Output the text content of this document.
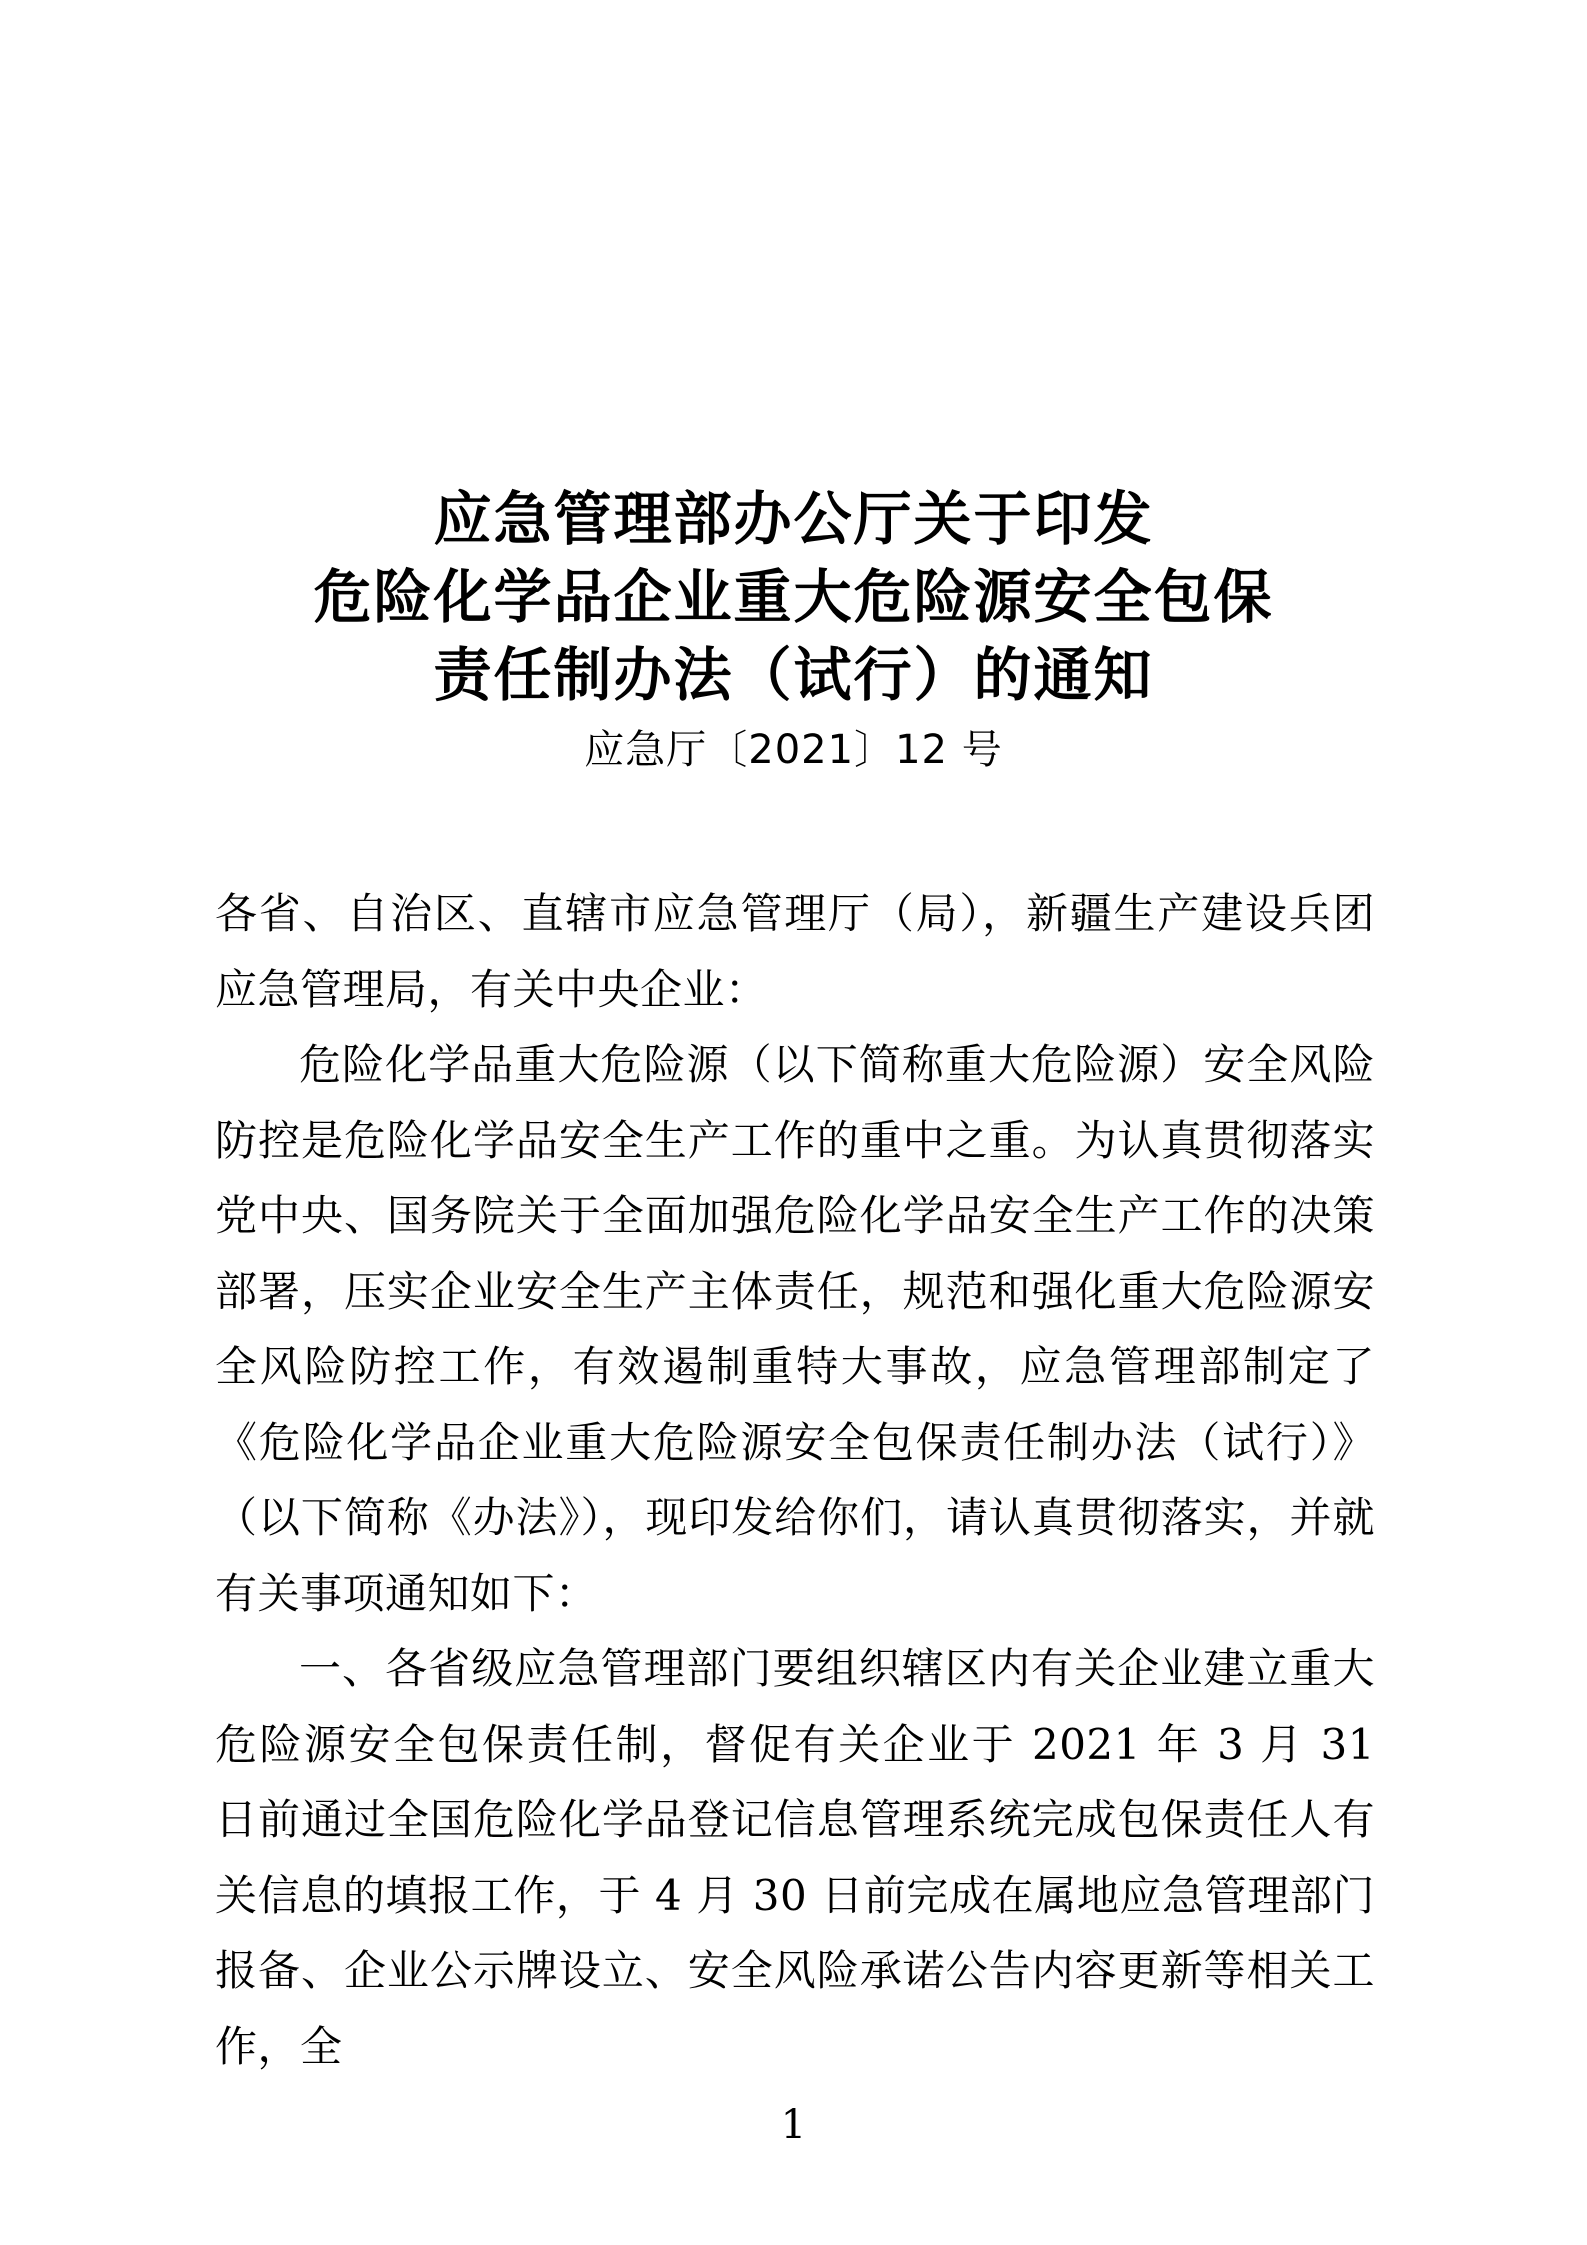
应急管理部办公厅关于印发
危险化学品企业重大危险源安全包保
责任制办法（试行）的通知
应急厅〔2021〕12 号

各省、自治区、直辖市应急管理厅（局），新疆生产建设兵团应急管理局，有关中央企业：

危险化学品重大危险源（以下简称重大危险源）安全风险防控是危险化学品安全生产工作的重中之重。为认真贯彻落实党中央、国务院关于全面加强危险化学品安全生产工作的决策部署，压实企业安全生产主体责任，规范和强化重大危险源安全风险防控工作，有效遏制重特大事故，应急管理部制定了《危险化学品企业重大危险源安全包保责任制办法（试行）》（以下简称《办法》），现印发给你们，请认真贯彻落实，并就有关事项通知如下：

一、各省级应急管理部门要组织辖区内有关企业建立重大危险源安全包保责任制，督促有关企业于 2021 年 3 月 31 日前通过全国危险化学品登记信息管理系统完成包保责任人有关信息的填报工作，于 4 月 30 日前完成在属地应急管理部门报备、企业公示牌设立、安全风险承诺公告内容更新等相关工作，全

1
